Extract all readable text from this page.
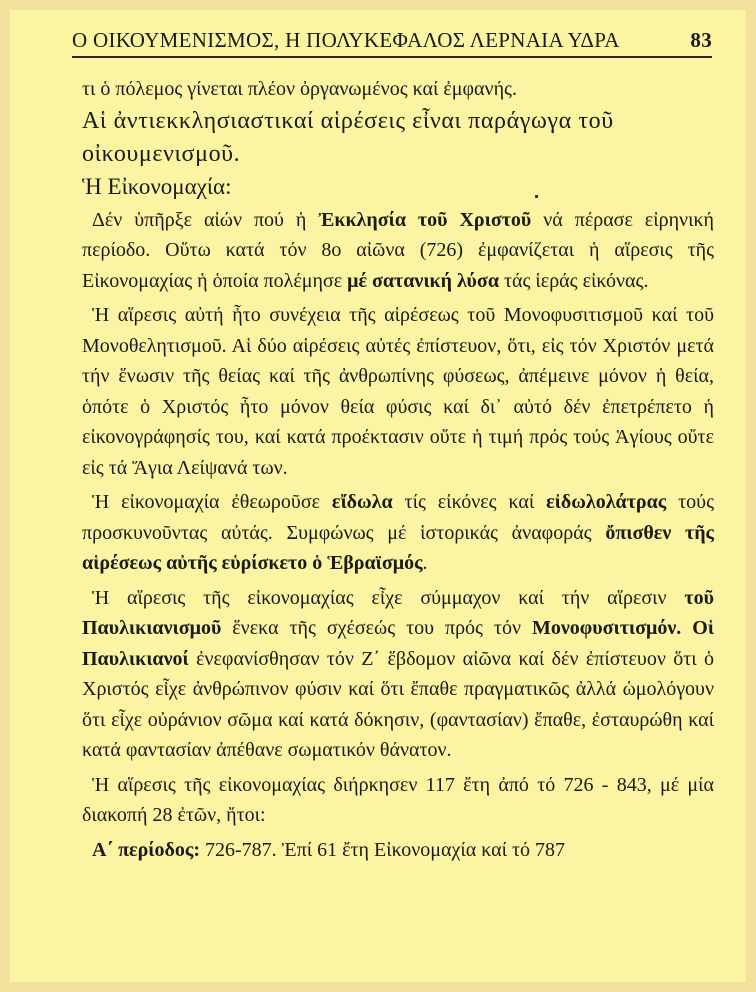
Ο ΟΙΚΟΥΜΕΝΙΣΜΟΣ, Η ΠΟΛΥΚΕΦΑΛΟΣ ΛΕΡΝΑΙΑ ΥΔΡΑ	83

τι ὁ πόλεμος γίνεται πλέον ὀργανωμένος καί ἐμφανής.

Αἱ ἀντιεκκλησιαστικαί αἱρέσεις εἶναι παράγωγα τοῦ οἰκουμενισμοῦ.

Ἡ Εἰκονομαχία:

Δέν ὑπῆρξε αἰών πού ἡ Ἐκκλησία τοῦ Χριστοῦ νά πέρασε εἰρηνική περίοδο. Οὕτω κατά τόν 8ο αἰῶνα (726) ἐμφανίζεται ἡ αἵρεσις τῆς Εἰκονομαχίας ἡ ὁποία πολέμησε μέ σατανική λύσα τάς ἱεράς εἰκόνας.

Ἡ αἵρεσις αὐτή ἦτο συνέχεια τῆς αἱρέσεως τοῦ Μονοφυσιτισμοῦ καί τοῦ Μονοθελητισμοῦ. Αἱ δύο αἱρέσεις αὐτές ἐπίστευον, ὅτι, εἰς τόν Χριστόν μετά τήν ἕνωσιν τῆς θείας καί τῆς ἀνθρωπίνης φύσεως, ἀπέμεινε μόνον ἡ θεία, ὁπότε ὁ Χριστός ἦτο μόνον θεία φύσις καί δι᾿ αὐτό δέν ἐπετρέπετο ἡ εἰκονογράφησίς του, καί κατά προέκτασιν οὔτε ἡ τιμή πρός τούς Ἁγίους οὔτε εἰς τά Ἅγια Λείψανά των.

Ἡ εἰκονομαχία ἐθεωροῦσε εἴδωλα τίς εἰκόνες καί εἰδωλολάτρας τούς προσκυνοῦντας αὐτάς. Συμφώνως μέ ἱστορικάς ἀναφοράς ὄπισθεν τῆς αἱρέσεως αὐτῆς εὑρίσκετο ὁ Ἑβραϊσμός.

Ἡ αἵρεσις τῆς εἰκονομαχίας εἶχε σύμμαχον καί τήν αἵρεσιν τοῦ Παυλικιανισμοῦ ἕνεκα τῆς σχέσεώς του πρός τόν Μονοφυσιτισμόν. Οἱ Παυλικιανοί ἐνεφανίσθησαν τόν Ζ΄ ἕβδομον αἰῶνα καί δέν ἐπίστευον ὅτι ὁ Χριστός εἶχε ἀνθρώπινον φύσιν καί ὅτι ἔπαθε πραγματικῶς ἀλλά ὡμολόγουν ὅτι εἶχε οὐράνιον σῶμα καί κατά δόκησιν, (φαντασίαν) ἔπαθε, ἐσταυρώθη καί κατά φαντασίαν ἀπέθανε σωματικόν θάνατον.

Ἡ αἵρεσις τῆς εἰκονομαχίας διήρκησεν 117 ἔτη ἀπό τό 726 - 843, μέ μία διακοπή 28 ἐτῶν, ἤτοι:

Α΄ περίοδος: 726-787. Ἐπί 61 ἔτη Εἰκονομαχία καί τό 787
